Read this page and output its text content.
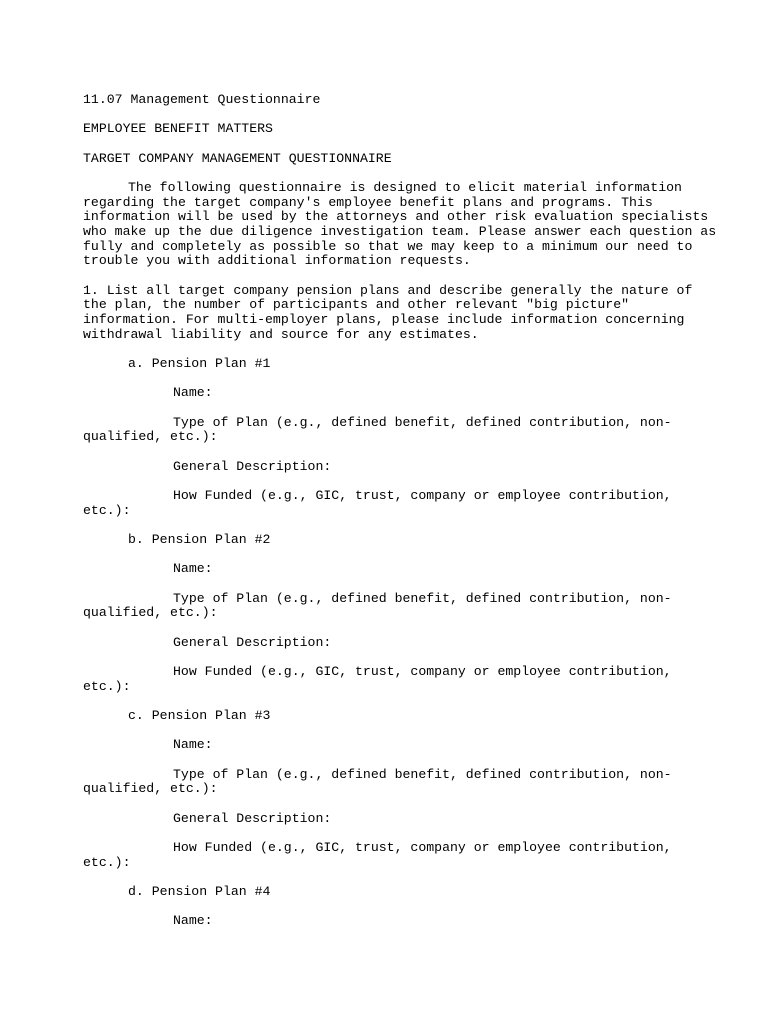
11.07 Management Questionnaire

EMPLOYEE BENEFIT MATTERS

TARGET COMPANY MANAGEMENT QUESTIONNAIRE

The following questionnaire is designed to elicit material information

regarding the target company's employee benefit plans and programs. This

information will be used by the attorneys and other risk evaluation specialists

who make up the due diligence investigation team. Please answer each question as

fully and completely as possible so that we may keep to a minimum our need to

trouble you with additional information requests.

1. List all target company pension plans and describe generally the nature of

the plan, the number of participants and other relevant "big picture"

information. For multi-employer plans, please include information concerning

withdrawal liability and source for any estimates.

a. Pension Plan #1

Name:

Type of Plan (e.g., defined benefit, defined contribution, non-

qualified, etc.):

General Description:

How Funded (e.g., GIC, trust, company or employee contribution,

etc.):

b. Pension Plan #2

Name:

Type of Plan (e.g., defined benefit, defined contribution, non-

qualified, etc.):

General Description:

How Funded (e.g., GIC, trust, company or employee contribution,

etc.):

c. Pension Plan #3

Name:

Type of Plan (e.g., defined benefit, defined contribution, non-

qualified, etc.):

General Description:

How Funded (e.g., GIC, trust, company or employee contribution,

etc.):

d. Pension Plan #4

Name:
